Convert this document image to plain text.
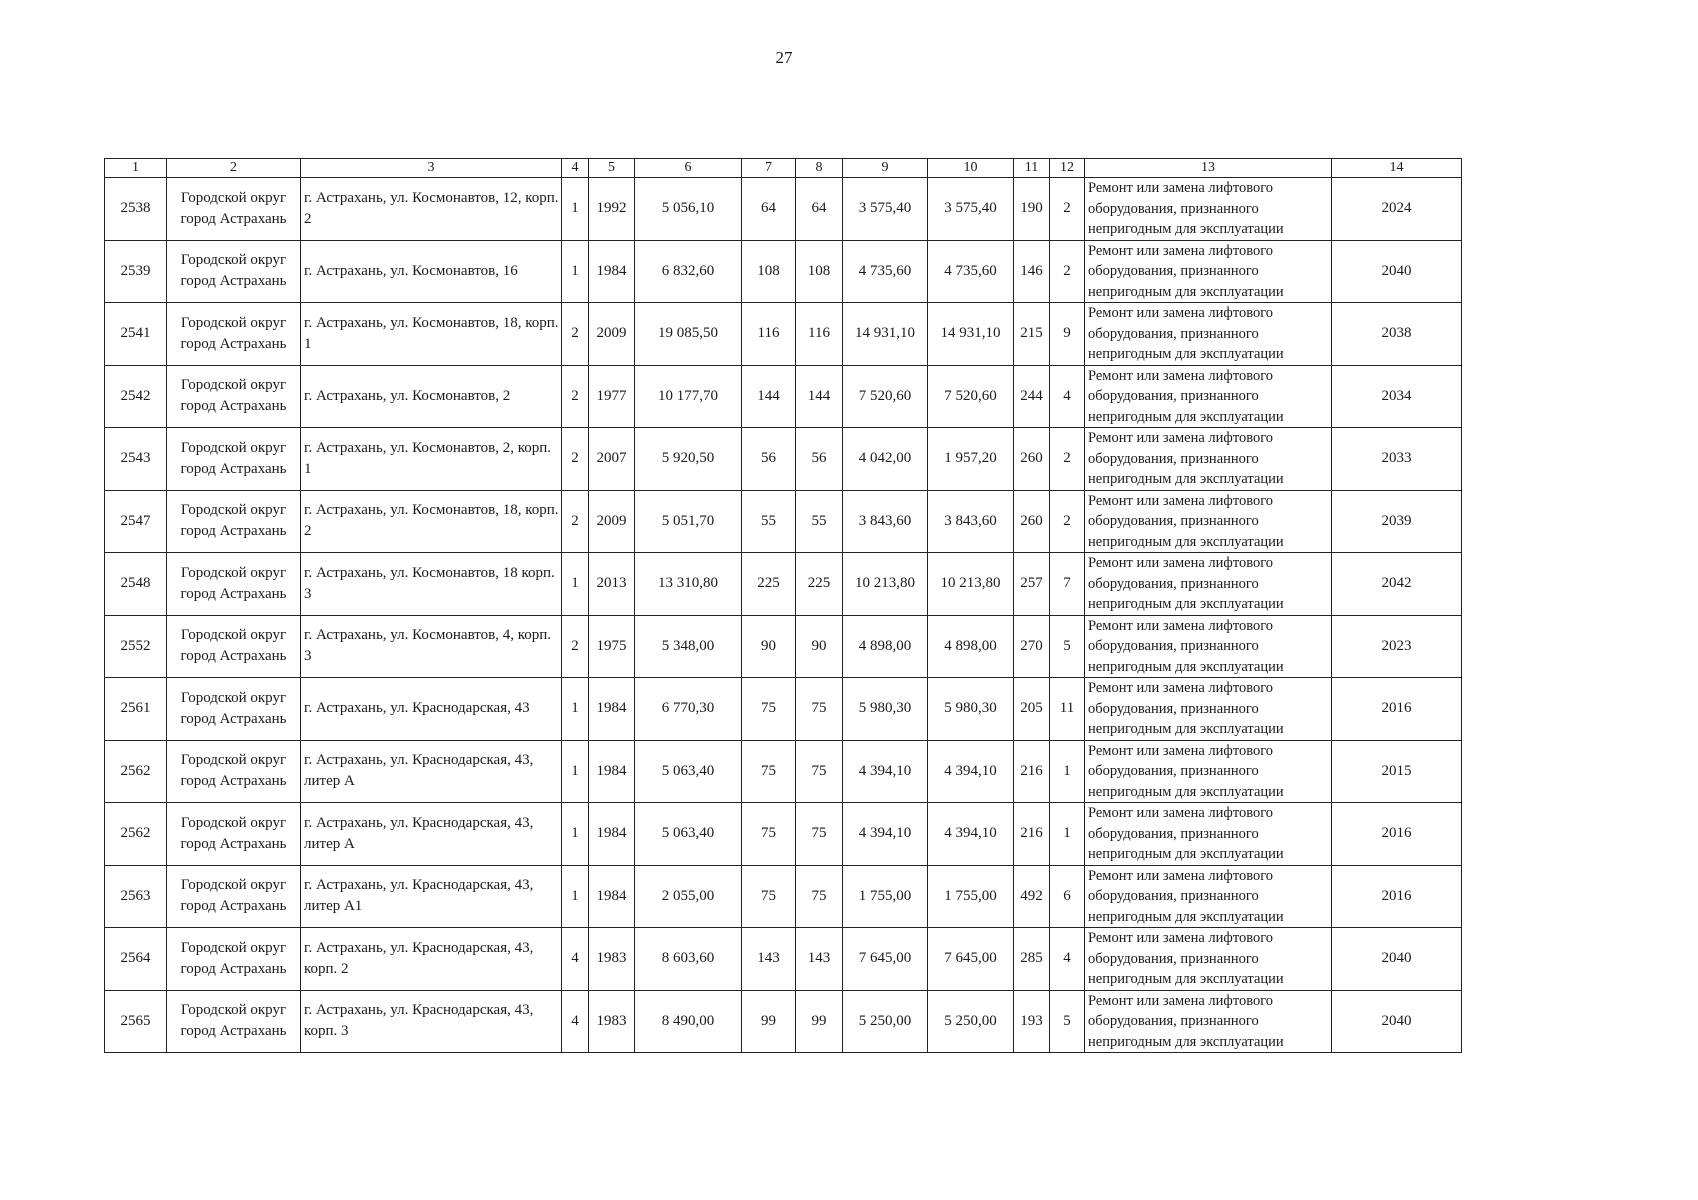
27
1	2	3	4	5	6	7	8	9	10	11	12	13	14
2538	Городской округ город Астрахань	г. Астрахань, ул. Космонавтов, 12, корп. 2	1	1992	5 056,10	64	64	3 575,40	3 575,40	190	2	Ремонт или замена лифтового оборудования, признанного непригодным для эксплуатации	2024
2539	Городской округ город Астрахань	г. Астрахань, ул. Космонавтов, 16	1	1984	6 832,60	108	108	4 735,60	4 735,60	146	2	Ремонт или замена лифтового оборудования, признанного непригодным для эксплуатации	2040
2541	Городской округ город Астрахань	г. Астрахань, ул. Космонавтов, 18, корп. 1	2	2009	19 085,50	116	116	14 931,10	14 931,10	215	9	Ремонт или замена лифтового оборудования, признанного непригодным для эксплуатации	2038
2542	Городской округ город Астрахань	г. Астрахань, ул. Космонавтов, 2	2	1977	10 177,70	144	144	7 520,60	7 520,60	244	4	Ремонт или замена лифтового оборудования, признанного непригодным для эксплуатации	2034
2543	Городской округ город Астрахань	г. Астрахань, ул. Космонавтов, 2, корп. 1	2	2007	5 920,50	56	56	4 042,00	1 957,20	260	2	Ремонт или замена лифтового оборудования, признанного непригодным для эксплуатации	2033
2547	Городской округ город Астрахань	г. Астрахань, ул. Космонавтов, 18, корп. 2	2	2009	5 051,70	55	55	3 843,60	3 843,60	260	2	Ремонт или замена лифтового оборудования, признанного непригодным для эксплуатации	2039
2548	Городской округ город Астрахань	г. Астрахань, ул. Космонавтов, 18 корп. 3	1	2013	13 310,80	225	225	10 213,80	10 213,80	257	7	Ремонт или замена лифтового оборудования, признанного непригодным для эксплуатации	2042
2552	Городской округ город Астрахань	г. Астрахань, ул. Космонавтов, 4, корп. 3	2	1975	5 348,00	90	90	4 898,00	4 898,00	270	5	Ремонт или замена лифтового оборудования, признанного непригодным для эксплуатации	2023
2561	Городской округ город Астрахань	г. Астрахань, ул. Краснодарская, 43	1	1984	6 770,30	75	75	5 980,30	5 980,30	205	11	Ремонт или замена лифтового оборудования, признанного непригодным для эксплуатации	2016
2562	Городской округ город Астрахань	г. Астрахань, ул. Краснодарская, 43, литер А	1	1984	5 063,40	75	75	4 394,10	4 394,10	216	1	Ремонт или замена лифтового оборудования, признанного непригодным для эксплуатации	2015
2562	Городской округ город Астрахань	г. Астрахань, ул. Краснодарская, 43, литер А	1	1984	5 063,40	75	75	4 394,10	4 394,10	216	1	Ремонт или замена лифтового оборудования, признанного непригодным для эксплуатации	2016
2563	Городской округ город Астрахань	г. Астрахань, ул. Краснодарская, 43, литер А1	1	1984	2 055,00	75	75	1 755,00	1 755,00	492	6	Ремонт или замена лифтового оборудования, признанного непригодным для эксплуатации	2016
2564	Городской округ город Астрахань	г. Астрахань, ул. Краснодарская, 43, корп. 2	4	1983	8 603,60	143	143	7 645,00	7 645,00	285	4	Ремонт или замена лифтового оборудования, признанного непригодным для эксплуатации	2040
2565	Городской округ город Астрахань	г. Астрахань, ул. Краснодарская, 43, корп. 3	4	1983	8 490,00	99	99	5 250,00	5 250,00	193	5	Ремонт или замена лифтового оборудования, признанного непригодным для эксплуатации	2040
